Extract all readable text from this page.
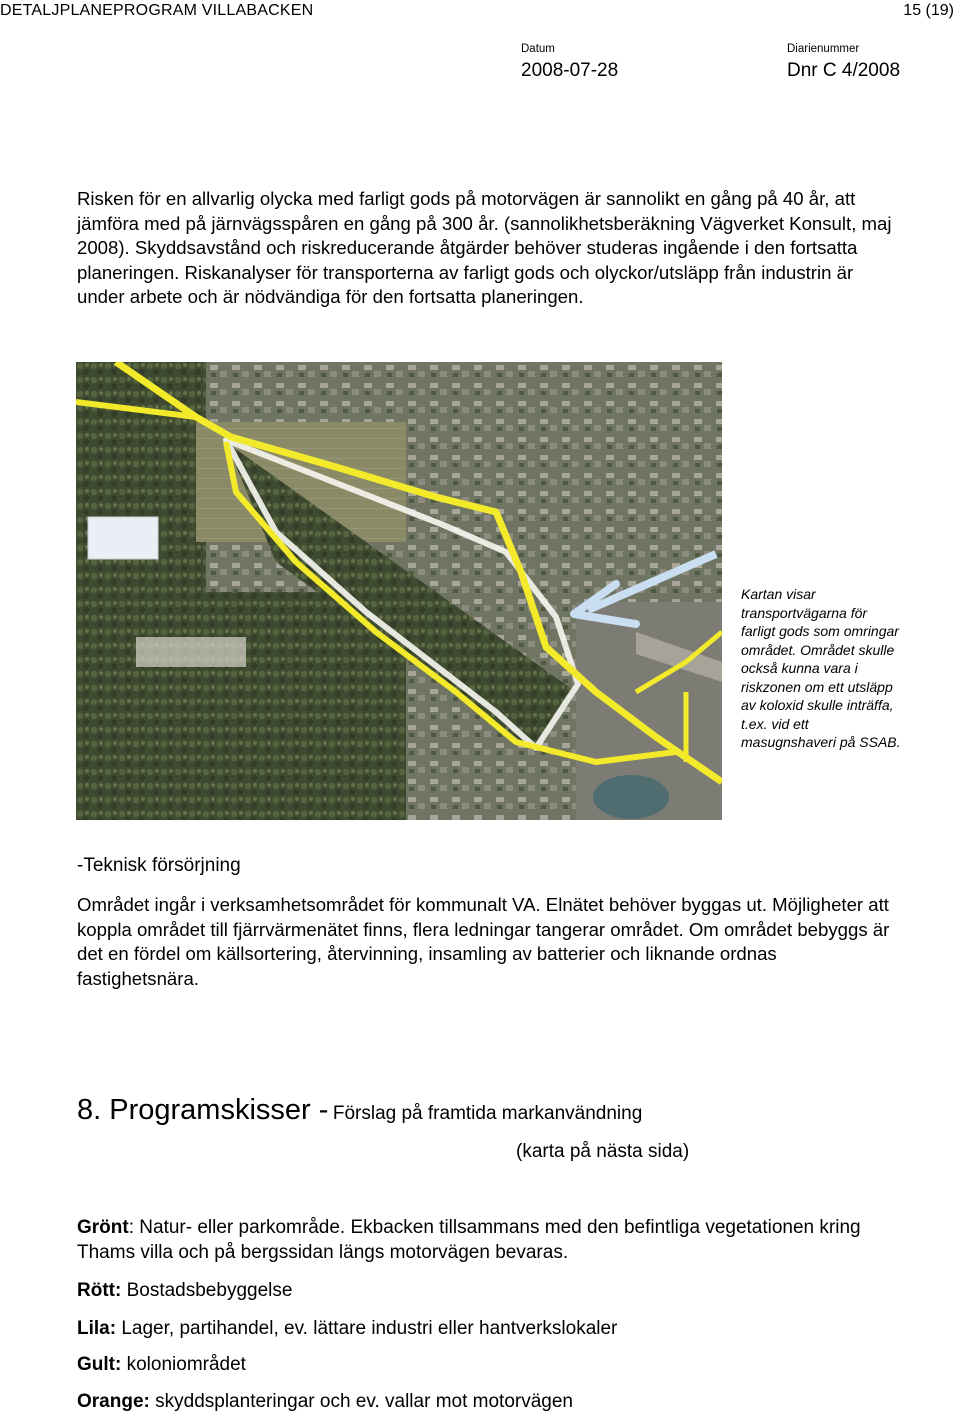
DETALJPLANEPROGRAM VILLABACKEN	15 (19)
Datum
2008-07-28
Diarienummer
Dnr C 4/2008

Risken för en allvarlig olycka med farligt gods på motorvägen är sannolikt en gång på 40 år, att jämföra med på järnvägsspåren en gång på 300 år. (sannolikhetsberäkning Vägverket Konsult, maj 2008). Skyddsavstånd och riskreducerande åtgärder behöver studeras ingående i den fortsatta planeringen. Riskanalyser för transporterna av farligt gods och olyckor/utsläpp från industrin är under arbete och är nödvändiga för den fortsatta planeringen.

Kartan visar transportvägarna för farligt gods som omringar området. Området skulle också kunna vara i riskzonen om ett utsläpp av koloxid skulle inträffa, t.ex. vid ett masugnshaveri på SSAB.
-Teknisk försörjning

Området ingår i verksamhetsområdet för kommunalt VA. Elnätet behöver byggas ut. Möjligheter att koppla området till fjärrvärmenätet finns, flera ledningar tangerar området. Om området bebyggs är det en fördel om källsortering, återvinning, insamling av batterier och liknande ordnas fastighetsnära.

8. Programskisser - Förslag på framtida markanvändning
(karta på nästa sida)

Grönt: Natur- eller parkområde. Ekbacken tillsammans med den befintliga vegetationen kring Thams villa och på bergssidan längs motorvägen bevaras.

Rött: Bostadsbebyggelse

Lila: Lager, partihandel, ev. lättare industri eller hantverkslokaler

Gult: koloniområdet

Orange: skyddsplanteringar och ev. vallar mot motorvägen
